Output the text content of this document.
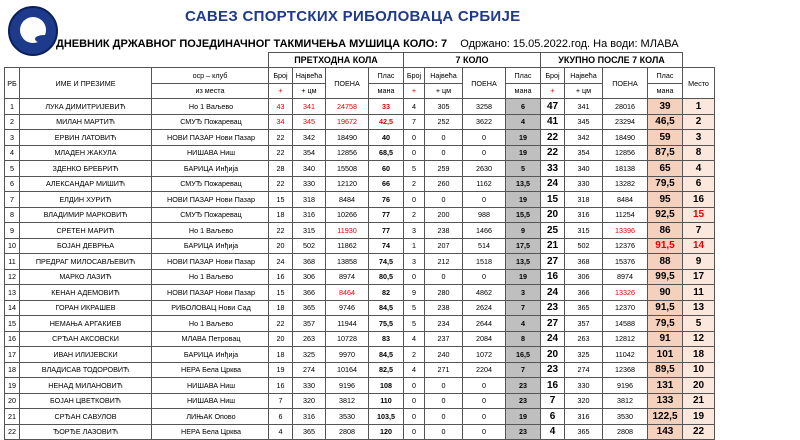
САВЕЗ СПОРТСКИХ РИБОЛОВАЦА СРБИЈЕ
ДНЕВНИК ДРЖАВНОГ ПОЈЕДИНАЧНОГ ТАКМИЧЕЊА МУШИЦА КОЛО: 7 Одржано: 15.05.2022.год. На води: МЛАВА
			ПРЕТХОДНА КОЛА				7 КОЛО				УКУПНО ПОСЛЕ 7 КОЛА				
РБ	ИМЕ И ПРЕЗИМЕ	оср – клуб	Број	Највећа	ПОЕНА	Плас	Број	Највећа	ПОЕНА	Плас	Број	Највећа	ПОЕНА	Плас	Место
		из места	+	+ цм		мана	+	+ цм		мана	+	+ цм		мана	
1	ЛУКА ДИМИТРИЈЕВИЋ	Но 1 Ваљево	43	341	24758	33	4	305	3258	6	47	341	28016	39	1
2	МИЛАН МАРТИЋ	СМУЂ Пожаревац	34	345	19672	42,5	7	252	3622	4	41	345	23294	46,5	2
3	ЕРВИН ЛАТОВИЋ	НОВИ ПАЗАР Нови Пазар	22	342	18490	40	0	0	0	19	22	342	18490	59	3
4	МЛАДЕН ЖАКУЛА	НИШАВА Ниш	22	354	12856	68,5	0	0	0	19	22	354	12856	87,5	8
5	ЗДЕНКО БРЕБРИЋ	БАРИЦА Инђија	28	340	15508	60	5	259	2630	5	33	340	18138	65	4
6	АЛЕКСАНДАР МИШИЋ	СМУЂ Пожаревац	22	330	12120	66	2	260	1162	13,5	24	330	13282	79,5	6
7	ЕЛДИН ХУРИЋ	НОВИ ПАЗАР Нови Пазар	15	318	8484	76	0	0	0	19	15	318	8484	95	16
8	ВЛАДИМИР МАРКОВИЋ	СМУЂ Пожаревац	18	316	10266	77	2	200	988	15,5	20	316	11254	92,5	15
9	СРЕТЕН МАРИЋ	Но 1 Ваљево	22	315	11930	77	3	238	1466	9	25	315	13396	86	7
10	БОЈАН ДЕВРЊА	БАРИЦА Инђија	20	502	11862	74	1	207	514	17,5	21	502	12376	91,5	14
11	ПРЕДРАГ МИЛОСАВЉЕВИЋ	НОВИ ПАЗАР Нови Пазар	24	368	13858	74,5	3	212	1518	13,5	27	368	15376	88	9
12	МАРКО ЛАЗИЋ	Но 1 Ваљево	16	306	8974	80,5	0	0	0	19	16	306	8974	99,5	17
13	КЕНАН АДЕМОВИЋ	НОВИ ПАЗАР Нови Пазар	15	366	8464	82	9	280	4862	3	24	366	13326	90	11
14	ГОРАН ИКРАШЕВ	РИБОЛОВАЦ Нови Сад	18	365	9746	84,5	5	238	2624	7	23	365	12370	91,5	13
15	НЕМАЊА АРГАКИЕВ	Но 1 Ваљево	22	357	11944	75,5	5	234	2644	4	27	357	14588	79,5	5
16	СРЂАН АКСОВСКИ	МЛАВА Петровац	20	263	10728	83	4	237	2084	8	24	263	12812	91	12
17	ИВАН ИЛИЈЕВСКИ	БАРИЦА Инђија	18	325	9970	84,5	2	240	1072	16,5	20	325	11042	101	18
18	ВЛАДИСАВ ТОДОРОВИЋ	НЕРА Бела Црква	19	274	10164	82,5	4	271	2204	7	23	274	12368	89,5	10
19	НЕНАД МИЛАНОВИЋ	НИШАВА Ниш	16	330	9196	108	0	0	0	23	16	330	9196	131	20
20	БОЈАН ЦВЕТКОВИЋ	НИШАВА Ниш	7	320	3812	110	0	0	0	23	7	320	3812	133	21
21	СРЂАН САВУЛОВ	ЛИЊАК Опово	6	316	3530	103,5	0	0	0	19	6	316	3530	122,5	19
22	ЂОРЂЕ ЛАЗОВИЋ	НЕРА Бела Црква	4	365	2808	120	0	0	0	23	4	365	2808	143	22
